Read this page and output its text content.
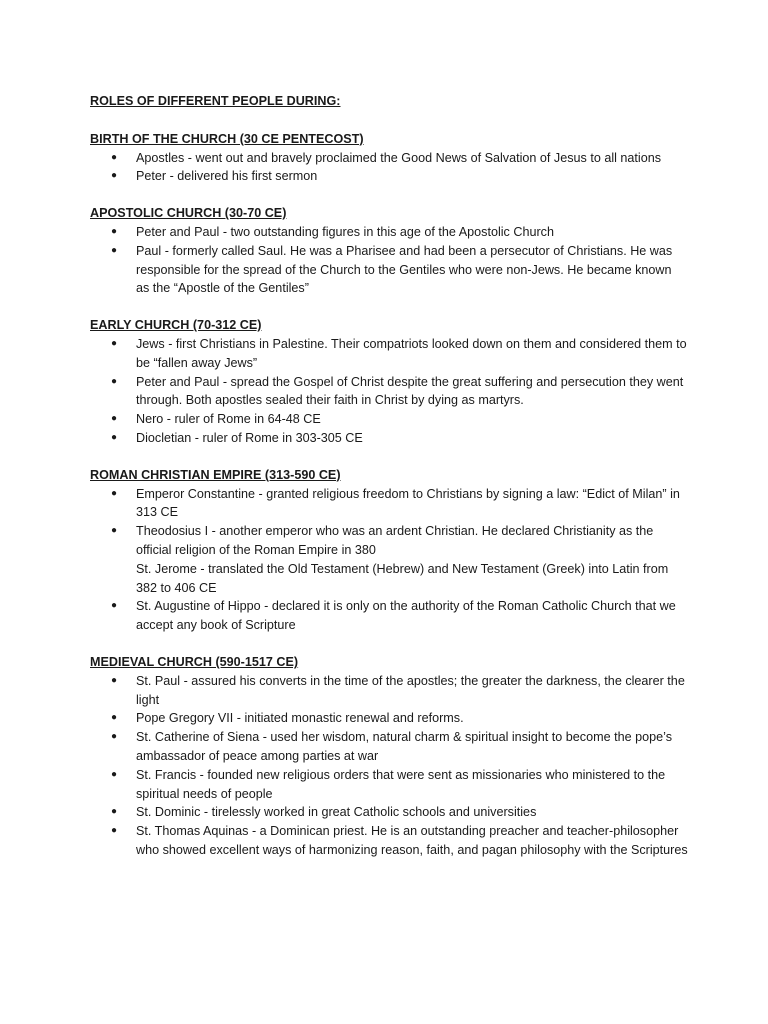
ROLES OF DIFFERENT PEOPLE DURING:
BIRTH OF THE CHURCH (30 CE PENTECOST)
● Apostles - went out and bravely proclaimed the Good News of Salvation of Jesus to all nations
● Peter - delivered his first sermon
APOSTOLIC CHURCH (30-70 CE)
● Peter and Paul - two outstanding figures in this age of the Apostolic Church
● Paul - formerly called Saul. He was a Pharisee and had been a persecutor of Christians. He was responsible for the spread of the Church to the Gentiles who were non-Jews. He became known as the “Apostle of the Gentiles”
EARLY CHURCH (70-312 CE)
● Jews - first Christians in Palestine. Their compatriots looked down on them and considered them to be “fallen away Jews”
● Peter and Paul - spread the Gospel of Christ despite the great suffering and persecution they went through. Both apostles sealed their faith in Christ by dying as martyrs.
● Nero - ruler of Rome in 64-48 CE
● Diocletian - ruler of Rome in 303-305 CE
ROMAN CHRISTIAN EMPIRE (313-590 CE)
● Emperor Constantine - granted religious freedom to Christians by signing a law: “Edict of Milan” in 313 CE
● Theodosius I - another emperor who was an ardent Christian. He declared Christianity as the official religion of the Roman Empire in 380
St. Jerome - translated the Old Testament (Hebrew) and New Testament (Greek) into Latin from 382 to 406 CE
● St. Augustine of Hippo - declared it is only on the authority of the Roman Catholic Church that we accept any book of Scripture
MEDIEVAL CHURCH (590-1517 CE)
● St. Paul - assured his converts in the time of the apostles; the greater the darkness, the clearer the light
● Pope Gregory VII - initiated monastic renewal and reforms.
● St. Catherine of Siena - used her wisdom, natural charm & spiritual insight to become the pope’s ambassador of peace among parties at war
● St. Francis - founded new religious orders that were sent as missionaries who ministered to the spiritual needs of people
● St. Dominic - tirelessly worked in great Catholic schools and universities
● St. Thomas Aquinas - a Dominican priest. He is an outstanding preacher and teacher-philosopher who showed excellent ways of harmonizing reason, faith, and pagan philosophy with the Scriptures
